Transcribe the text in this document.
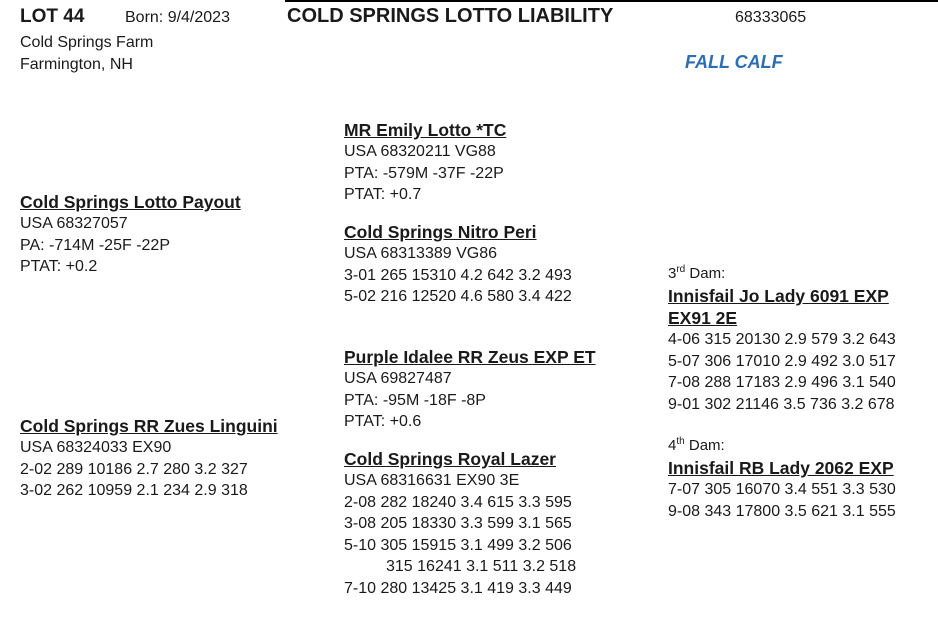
LOT 44	Born: 9/4/2023	COLD SPRINGS LOTTO LIABILITY	68333065
Cold Springs Farm
Farmington, NH	FALL CALF
Cold Springs Lotto Payout
USA 68327057
PA: -714M -25F -22P
PTAT: +0.2
MR Emily Lotto *TC
USA 68320211 VG88
PTA: -579M -37F -22P
PTAT: +0.7
Cold Springs Nitro Peri
USA 68313389 VG86
3-01 265 15310 4.2 642 3.2 493
5-02 216 12520 4.6 580 3.4 422
Cold Springs RR Zues Linguini
USA 68324033 EX90
2-02 289 10186 2.7 280 3.2 327
3-02 262 10959 2.1 234 2.9 318
Purple Idalee RR Zeus EXP ET
USA 69827487
PTA: -95M -18F -8P
PTAT: +0.6
Cold Springs Royal Lazer
USA 68316631 EX90 3E
2-08 282 18240 3.4 615 3.3 595
3-08 205 18330 3.3 599 3.1 565
5-10 305 15915 3.1 499 3.2 506
315 16241 3.1 511 3.2 518
7-10 280 13425 3.1 419 3.3 449
3rd Dam:
Innisfail Jo Lady 6091 EXP
EX91 2E
4-06 315 20130 2.9 579 3.2 643
5-07 306 17010 2.9 492 3.0 517
7-08 288 17183 2.9 496 3.1 540
9-01 302 21146 3.5 736 3.2 678
4th Dam:
Innisfail RB Lady 2062 EXP
7-07 305 16070 3.4 551 3.3 530
9-08 343 17800 3.5 621 3.1 555
